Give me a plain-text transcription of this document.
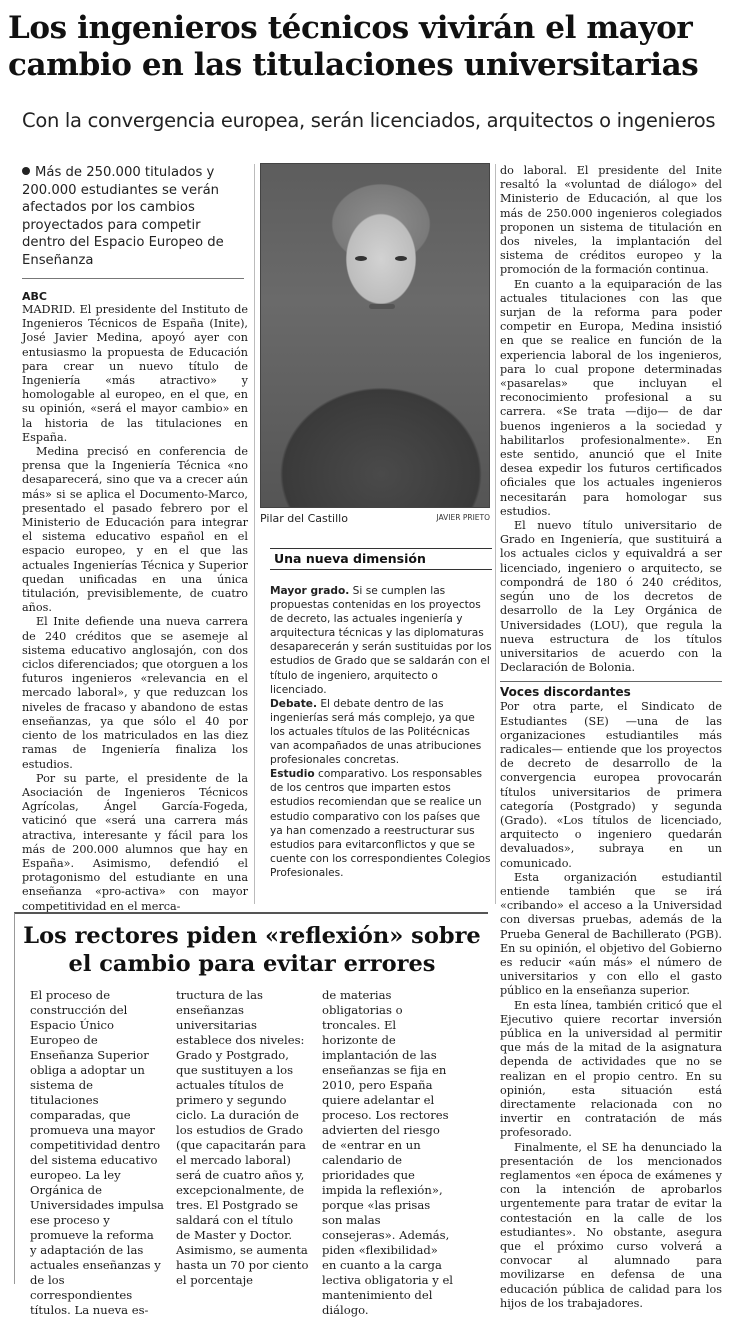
Los ingenieros técnicos vivirán el mayor cambio en las titulaciones universitarias
Con la convergencia europea, serán licenciados, arquitectos o ingenieros
Más de 250.000 titulados y 200.000 estudiantes se verán afectados por los cambios proyectados para competir dentro del Espacio Europeo de Enseñanza
ABC

MADRID. El presidente del Instituto de Ingenieros Técnicos de España (Inite), José Javier Medina, apoyó ayer con entusiasmo la propuesta de Educación para crear un nuevo título de Ingeniería «más atractivo» y homologable al europeo, en el que, en su opinión, «será el mayor cambio» en la historia de las titulaciones en España.

Medina precisó en conferencia de prensa que la Ingeniería Técnica «no desaparecerá, sino que va a crecer aún más» si se aplica el Documento-Marco, presentado el pasado febrero por el Ministerio de Educación para integrar el sistema educativo español en el espacio europeo, y en el que las actuales Ingenierías Técnica y Superior quedan unificadas en una única titulación, previsiblemente, de cuatro años.

El Inite defiende una nueva carrera de 240 créditos que se asemeje al sistema educativo anglosajón, con dos ciclos diferenciados; que otorguen a los futuros ingenieros «relevancia en el mercado laboral», y que reduzcan los niveles de fracaso y abandono de estas enseñanzas, ya que sólo el 40 por ciento de los matriculados en las diez ramas de Ingeniería finaliza los estudios.

Por su parte, el presidente de la Asociación de Ingenieros Técnicos Agrícolas, Ángel García-Fogeda, vaticinó que «será una carrera más atractiva, interesante y fácil para los más de 200.000 alumnos que hay en España». Asimismo, defendió el protagonismo del estudiante en una enseñanza «pro-activa» con mayor competitividad en el merca-

Pilar del Castillo	JAVIER PRIETO
Una nueva dimensión

Mayor grado. Si se cumplen las propuestas contenidas en los proyectos de decreto, las actuales ingeniería y arquitectura técnicas y las diplomaturas desaparecerán y serán sustituidas por los estudios de Grado que se saldarán con el título de ingeniero, arquitecto o licenciado.

Debate. El debate dentro de las ingenierías será más complejo, ya que los actuales títulos de las Politécnicas van acompañados de unas atribuciones profesionales concretas.

Estudio comparativo. Los responsables de los centros que imparten estos estudios recomiendan que se realice un estudio comparativo con los países que ya han comenzado a reestructurar sus estudios para evitarconflictos y que se cuente con los correspondientes Colegios Profesionales.

do laboral. El presidente del Inite resaltó la «voluntad de diálogo» del Ministerio de Educación, al que los más de 250.000 ingenieros colegiados proponen un sistema de titulación en dos niveles, la implantación del sistema de créditos europeo y la promoción de la formación continua.

En cuanto a la equiparación de las actuales titulaciones con las que surjan de la reforma para poder competir en Europa, Medina insistió en que se realice en función de la experiencia laboral de los ingenieros, para lo cual propone determinadas «pasarelas» que incluyan el reconocimiento profesional a su carrera. «Se trata —dijo— de dar buenos ingenieros a la sociedad y habilitarlos profesionalmente». En este sentido, anunció que el Inite desea expedir los futuros certificados oficiales que los actuales ingenieros necesitarán para homologar sus estudios.

El nuevo título universitario de Grado en Ingeniería, que sustituirá a los actuales ciclos y equivaldrá a ser licenciado, ingeniero o arquitecto, se compondrá de 180 ó 240 créditos, según uno de los decretos de desarrollo de la Ley Orgánica de Universidades (LOU), que regula la nueva estructura de los títulos universitarios de acuerdo con la Declaración de Bolonia.

Voces discordantes

Por otra parte, el Sindicato de Estudiantes (SE) —una de las organizaciones estudiantiles más radicales— entiende que los proyectos de decreto de desarrollo de la convergencia europea provocarán títulos universitarios de primera categoría (Postgrado) y segunda (Grado). «Los títulos de licenciado, arquitecto o ingeniero quedarán devaluados», subraya en un comunicado.

Esta organización estudiantil entiende también que se irá «cribando» el acceso a la Universidad con diversas pruebas, además de la Prueba General de Bachillerato (PGB). En su opinión, el objetivo del Gobierno es reducir «aún más» el número de universitarios y con ello el gasto público en la enseñanza superior.

En esta línea, también criticó que el Ejecutivo quiere recortar inversión pública en la universidad al permitir que más de la mitad de la asignatura dependa de actividades que no se realizan en el propio centro. En su opinión, esta situación está directamente relacionada con no invertir en contratación de más profesorado.

Finalmente, el SE ha denunciado la presentación de los mencionados reglamentos «en época de exámenes y con la intención de aprobarlos urgentemente para tratar de evitar la contestación en la calle de los estudiantes». No obstante, asegura que el próximo curso volverá a convocar al alumnado para movilizarse en defensa de una educación pública de calidad para los hijos de los trabajadores.

Los rectores piden «reflexión» sobre el cambio para evitar errores
El proceso de construcción del Espacio Único Europeo de Enseñanza Superior obliga a adoptar un sistema de titulaciones comparadas, que promueva una mayor competitividad dentro del sistema educativo europeo. La ley Orgánica de Universidades impulsa ese proceso y promueve la reforma y adaptación de las actuales enseñanzas y de los correspondientes títulos. La nueva es-
tructura de las enseñanzas universitarias establece dos niveles: Grado y Postgrado, que sustituyen a los actuales títulos de primero y segundo ciclo. La duración de los estudios de Grado (que capacitarán para el mercado laboral) será de cuatro años y, excepcionalmente, de tres. El Postgrado se saldará con el título de Master y Doctor. Asimismo, se aumenta hasta un 70 por ciento el porcentaje
de materias obligatorias o troncales. El horizonte de implantación de las enseñanzas se fija en 2010, pero España quiere adelantar el proceso. Los rectores advierten del riesgo de «entrar en un calendario de prioridades que impida la reflexión», porque «las prisas son malas consejeras». Además, piden «flexibilidad» en cuanto a la carga lectiva obligatoria y el mantenimiento del diálogo.
